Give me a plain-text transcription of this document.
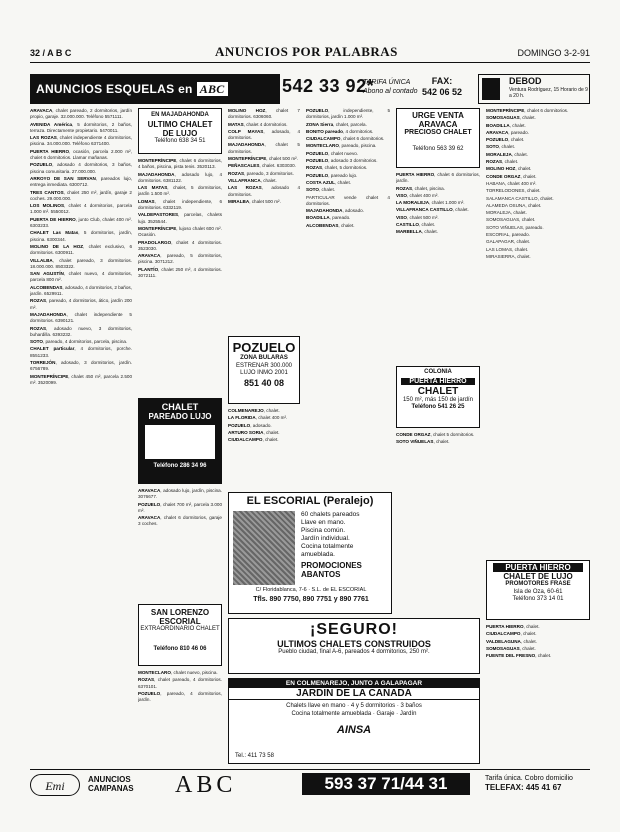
32 / A B C	ANUNCIOS POR PALABRAS	DOMINGO 3-2-91
ANUNCIOS ESQUELAS en ABC	542 33 92*
TARIFA ÚNICA
Abono al contado
FAX:
542 06 52
DEBOD
Ventura Rodríguez, 15 Horario de 9 a 20 h.

ARAVACA, chalet pareado, 2 dormitorios, jardín propio, garaje. 32.000.000. Teléfono 5571111.

AVENIDA América, 5 dormitorios, 2 baños, terraza. Directamente propietario. 5470011.

LAS ROZAS, chalet independiente 4 dormitorios, piscina. 34.000.000. Teléfono 6371400.

PUERTA HIERRO, ocasión, parcela 2.000 m², chalet 6 dormitorios. Llamar mañanas.

POZUELO, adosado 4 dormitorios, 3 baños, piscina comunitaria. 27.000.000.

ARROYO DE SAN SERVAN, pareados lujo, entrega inmediata. 6300712.

TRES CANTOS, chalet 250 m², jardín, garaje 2 coches. 29.000.000.

LOS MOLINOS, chalet 4 dormitorios, parcela 1.000 m². 5550012.

PUERTA DE HIERRO, junto Club, chalet 400 m². 6303233.

CHALET Las Matas, 5 dormitorios, jardín, piscina. 6300344.

MOLINO DE LA HOZ, chalet exclusivo, 6 dormitorios. 6300911.

VILLALBA, chalet pareado, 3 dormitorios. 18.000.000. 8503322.

SAN AGUSTÍN, chalet nuevo, 4 dormitorios, parcela 800 m².

ALCOBENDAS, adosado, 4 dormitorios, 2 baños, jardín. 6529911.

ROZAS, pareado, 4 dormitorios, ático, jardín 200 m².

MAJADAHONDA, chalet independiente 5 dormitorios. 6390121.

ROZAS, adosado nuevo, 3 dormitorios, buhardilla. 6393232.

SOTO, pareado, 4 dormitorios, parcela, piscina.

CHALET particular, 4 dormitorios, porche. 8551233.

TORREJÓN, adosado, 3 dormitorios, jardín. 6756789.

MONTEPRÍNCIPE, chalet 450 m², parcela 2.500 m². 3520099.

EN MAJADAHONDA
ULTIMO CHALET
DE LUJO
Teléfono 638 34 51

MONTEPRÍNCIPE, chalet 6 dormitorios, 4 baños, piscina, pista tenis. 3520113.

MAJADAHONDA, adosado lujo, 4 dormitorios. 6381122.

LAS MATAS, chalet, 5 dormitorios, jardín 1.500 m².

LOMAS, chalet independiente, 6 dormitorios. 6332119.

VALDEPASTORES, parcelas, chalets lujo. 3525544.

MONTEPRÍNCIPE, lujoso chalet 600 m². Ocasión.

PRADOLARGO, chalet 4 dormitorios. 3523030.

ARAVACA, pareado, 5 dormitorios, piscina. 3071212.

PLANTÍO, chalet 250 m², 4 dormitorios. 3072111.

CHALET
PAREADO LUJO
Teléfono 286 34 96

ARAVACA, adosado lujo, jardín, piscina. 3076677.

POZUELO, chalet 700 m², parcela 3.000 m².

ARAVACA, chalet 6 dormitorios, garaje 3 coches.

SAN LORENZO
ESCORIAL
EXTRAORDINARIO CHALET
Teléfono 810 46 06

MONTECLARO, chalet nuevo, piscina.

ROZAS, chalet pareado, 4 dormitorios. 6370101.

POZUELO, pareado, 4 dormitorios, jardín.

MOLINO HOZ, chalet 7 dormitorios. 6306060.

MATAS, chalet 4 dormitorios.

COLP MAYAS, adosado, 4 dormitorios.

MAJADAHONDA, chalet 5 dormitorios.

MONTEPRÍNCIPE, chalet 500 m².

PEÑASCALES, chalet. 6303030.

ROZAS, pareado, 3 dormitorios.

VILLAFRANCA, chalet.

LAS ROZAS, adosado 4 dormitorios.

MIRALBA, chalet 500 m².

POZUELO
ZONA BULARAS
ESTRENAR 300.000 LUJO INMO 2001
851 40 08

COLMENAREJO, chalet.

LA FLORIDA, chalet 400 m².

POZUELO, adosado.

ARTURO SORIA, chalet.

CIUDALCAMPO, chalet.

POZUELO, independiente, 5 dormitorios, jardín 1.000 m².

ZONA Sierra, chalet, parcela.

BONITO pareado, 4 dormitorios.

CIUDALCAMPO, chalet 6 dormitorios.

MONTECLARO, pareado, piscina.

POZUELO, chalet nuevo.

POZUELO, adosado 3 dormitorios.

ROZAS, chalet, 5 dormitorios.

POZUELO, pareado lujo.

COSTA AZUL, chalet.

SOTO, chalet.

PARTICULAR vende chalet 4 dormitorios.

MAJADAHONDA, adosado.

BOADILLA, pareado.

ALCOBENDAS, chalet.

URGE VENTA
ARAVACA
PRECIOSO CHALET
Teléfono 563 39 62

PUERTA HIERRO, chalet 6 dormitorios, jardín.

ROZAS, chalet, piscina.

VISO, chalet 400 m².

LA MORALEJA, chalet 1.000 m².

VILLAFRANCA CASTILLO, chalet.

VISO, chalet 500 m².

CASTILLO, chalet.

MARBELLA, chalet.

COLONIA
PUERTA HIERRO
CHALET
150 m², más 150 de jardín
Teléfono 541 26 25

CONDE ORGAZ, chalet 5 dormitorios.

SOTO VIÑUELAS, chalet.

MONTEPRÍNCIPE, chalet 6 dormitorios.

SOMOSAGUAS, chalet.

BOADILLA, chalet.

ARAVACA, pareado.

POZUELO, chalet.

SOTO, chalet.

MORALEJA, chalet.

ROZAS, chalet.

MOLINO HOZ, chalet.

CONDE ORGAZ, chalet.

HABANA, chalet 400 m².

TORRELODONES, chalet.

SALAMANCA CASTILLO, chalet.

ALAMEDA OSUNA, chalet.

MORALEJA, chalet.

SOMOSAGUAS, chalet.

SOTO VIÑUELAS, pareado.

ESCORIAL, pareado.

GALAPAGAR, chalet.

LAS LOMAS, chalet.

MIRASIERRA, chalet.

PUERTA HIERRO
CHALET DE LUJO
PROMOTORES FRASE
Isla de Oza, 60-61
Teléfono 373 14 01

PUERTA HIERRO, chalet.

CIUDALCAMPO, chalet.

VALDELAGUNA, chalet.

SOMOSAGUAS, chalet.

FUENTE DEL FRESNO, chalet.

EL ESCORIAL (Peralejo)
60 chalets pareados
Llave en mano.
Piscina común.
Jardín individual.
Cocina totalmente amueblada.
PROMOCIONES ABANTOS
C/ Floridablanca, 7-6 · S.L. de EL ESCORIAL
Tfls. 890 7750, 890 7751 y 890 7761
¡SEGURO!
ULTIMOS CHALETS CONSTRUIDOS
Pueblo ciudad, final A-6, pareados 4 dormitorios, 250 m².
EN COLMENAREJO, JUNTO A GALAPAGAR
JARDIN DE LA CANADA
Chalets llave en mano · 4 y 5 dormitorios · 3 baños
Cocina totalmente amueblada · Garaje · Jardín
AINSA
Tel.: 411 73 58
Emi	ANUNCIOS
CAMPANAS ABC	593 37 71/44 31	Tarifa única. Cobro domicilio
TELEFAX: 445 41 67
